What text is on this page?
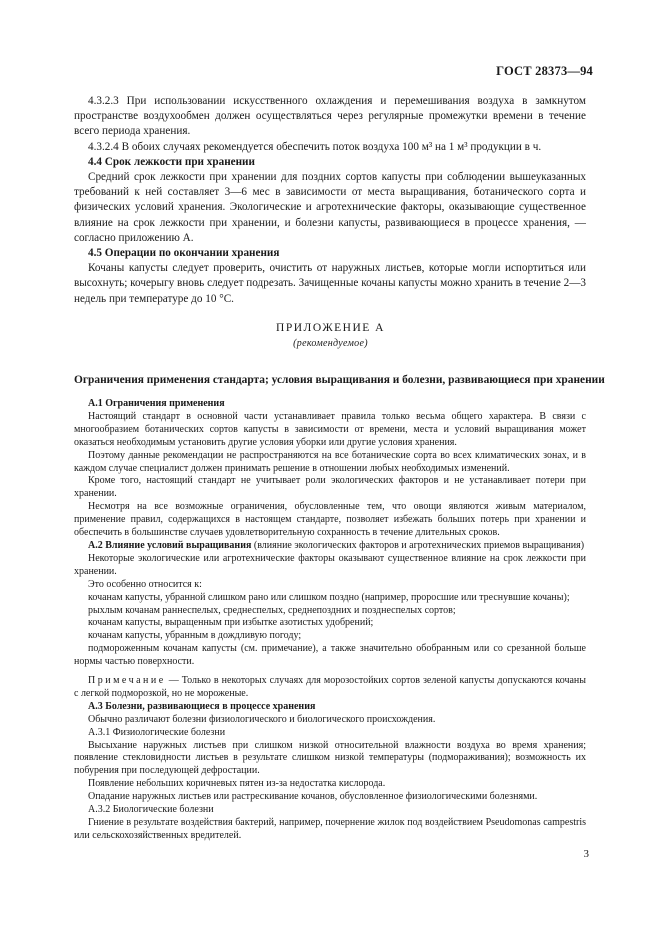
ГОСТ 28373—94

4.3.2.3 При использовании искусственного охлаждения и перемешивания воздуха в замкнутом пространстве воздухообмен должен осуществляться через регулярные промежутки времени в течение всего периода хранения.

4.3.2.4 В обоих случаях рекомендуется обеспечить поток воздуха 100 м³ на 1 м³ продукции в ч.

4.4 Срок лежкости при хранении

Средний срок лежкости при хранении для поздних сортов капусты при соблюдении вышеуказанных требований к ней составляет 3—6 мес в зависимости от места выращивания, ботанического сорта и физических условий хранения. Экологические и агротехнические факторы, оказывающие существенное влияние на срок лежкости при хранении, и болезни капусты, развивающиеся в процессе хранения, — согласно приложению А.

4.5 Операции по окончании хранения

Кочаны капусты следует проверить, очистить от наружных листьев, которые могли испортиться или высохнуть; кочерыгу вновь следует подрезать. Зачищенные кочаны капусты можно хранить в течение 2—3 недель при температуре до 10 °С.

ПРИЛОЖЕНИЕ А
(рекомендуемое)
Ограничения применения стандарта; условия выращивания и болезни, развивающиеся при хранении

А.1 Ограничения применения

Настоящий стандарт в основной части устанавливает правила только весьма общего характера. В связи с многообразием ботанических сортов капусты в зависимости от времени, места и условий выращивания может оказаться необходимым установить другие условия уборки или другие условия хранения.

Поэтому данные рекомендации не распространяются на все ботанические сорта во всех климатических зонах, и в каждом случае специалист должен принимать решение в отношении любых необходимых изменений.

Кроме того, настоящий стандарт не учитывает роли экологических факторов и не устанавливает потери при хранении.

Несмотря на все возможные ограничения, обусловленные тем, что овощи являются живым материалом, применение правил, содержащихся в настоящем стандарте, позволяет избежать больших потерь при хранении и обеспечить в большинстве случаев удовлетворительную сохранность в течение длительных сроков.

А.2 Влияние условий выращивания (влияние экологических факторов и агротехнических приемов выращивания)

Некоторые экологические или агротехнические факторы оказывают существенное влияние на срок лежкости при хранении.

Это особенно относится к:

кочанам капусты, убранной слишком рано или слишком поздно (например, проросшие или треснувшие кочаны);

рыхлым кочанам раннеспелых, среднеспелых, среднепоздних и позднеспелых сортов;

кочанам капусты, выращенным при избытке азотистых удобрений;

кочанам капусты, убранным в дождливую погоду;

подмороженным кочанам капусты (см. примечание), а также значительно обобранным или со срезанной больше нормы частью поверхности.

Примечание — Только в некоторых случаях для морозостойких сортов зеленой капусты допускаются кочаны с легкой подморозкой, но не мороженые.

А.3 Болезни, развивающиеся в процессе хранения

Обычно различают болезни физиологического и биологического происхождения.

А.3.1 Физиологические болезни

Высыхание наружных листьев при слишком низкой относительной влажности воздуха во время хранения; появление стекловидности листьев в результате слишком низкой температуры (подмораживания); возможность их побурения при последующей дефростации.

Появление небольших коричневых пятен из-за недостатка кислорода.

Опадание наружных листьев или растрескивание кочанов, обусловленное физиологическими болезнями.

А.3.2 Биологические болезни

Гниение в результате воздействия бактерий, например, почернение жилок под воздействием Pseudomonas campestris или сельскохозяйственных вредителей.

3
